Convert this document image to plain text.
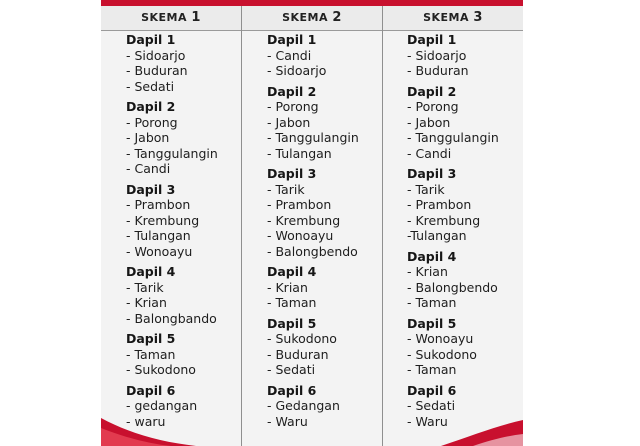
SKEMA 1	SKEMA 2	SKEMA 3
Dapil 1
- Sidoarjo
- Buduran
- Sedati
Dapil 2
- Porong
- Jabon
- Tanggulangin
- Candi
Dapil 3
- Prambon
- Krembung
- Tulangan
- Wonoayu
Dapil 4
- Tarik
- Krian
- Balongbando
Dapil 5
- Taman
- Sukodono
Dapil 6
- gedangan
- waru
Dapil 1
- Candi
- Sidoarjo
Dapil 2
- Porong
- Jabon
- Tanggulangin
- Tulangan
Dapil 3
- Tarik
- Prambon
- Krembung
- Wonoayu
- Balongbendo
Dapil 4
- Krian
- Taman
Dapil 5
- Sukodono
- Buduran
- Sedati
Dapil 6
- Gedangan
- Waru
Dapil 1
- Sidoarjo
- Buduran
Dapil 2
- Porong
- Jabon
- Tanggulangin
- Candi
Dapil 3
- Tarik
- Prambon
- Krembung
-Tulangan
Dapil 4
- Krian
- Balongbendo
- Taman
Dapil 5
- Wonoayu
- Sukodono
- Taman
Dapil 6
- Sedati
- Waru
